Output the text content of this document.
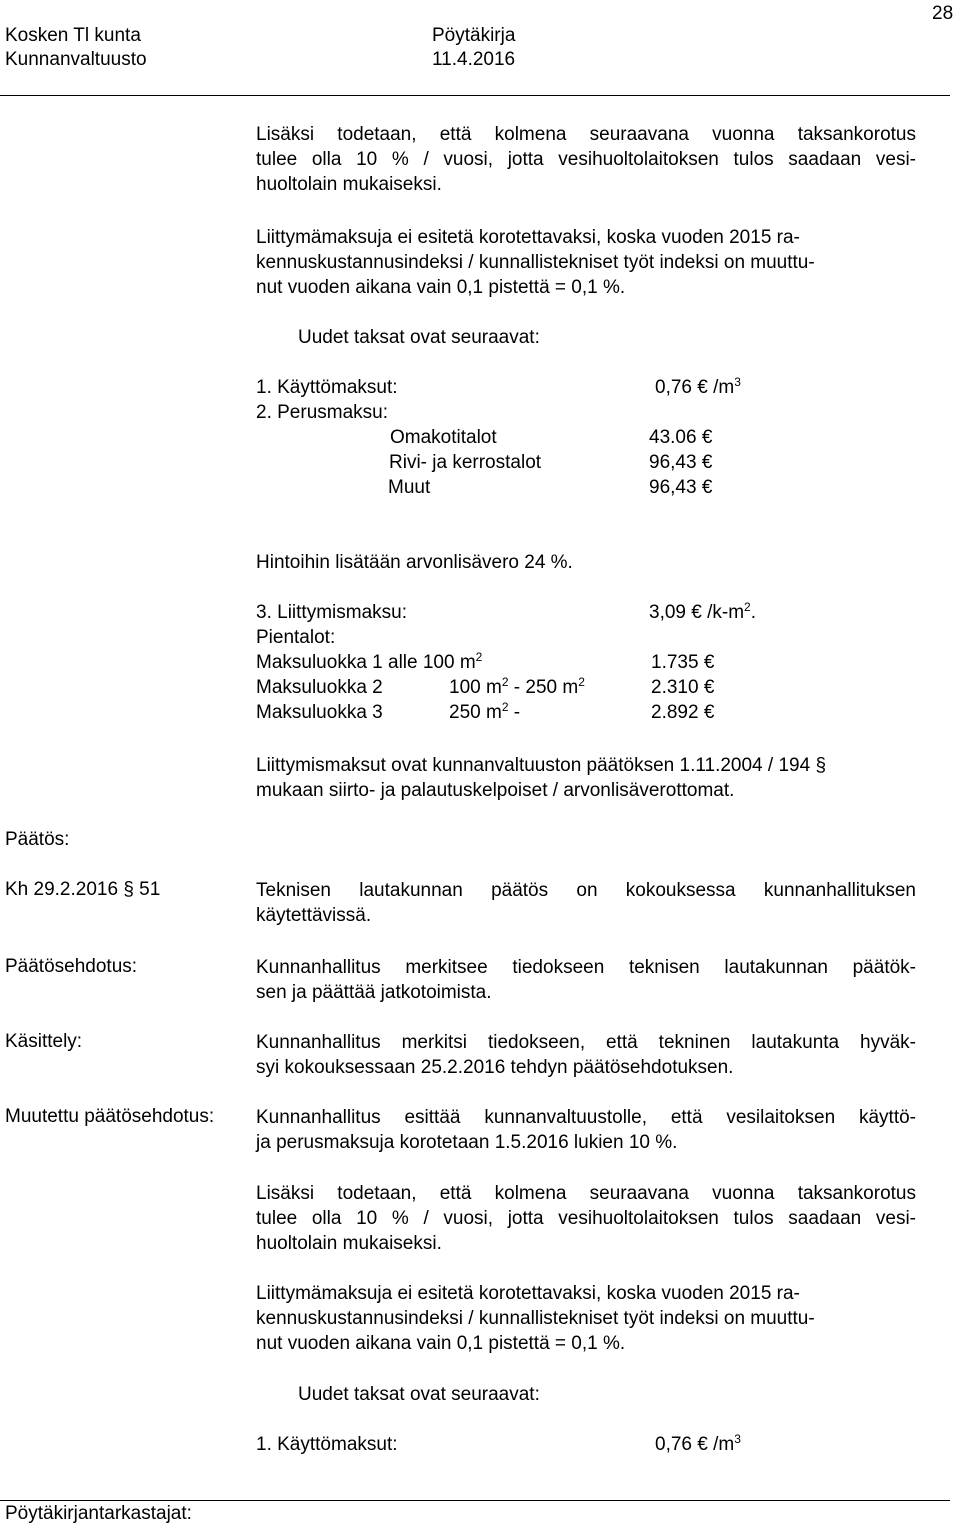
28
Kosken Tl kunta
Kunnanvaltuusto
Pöytäkirja
11.4.2016
Lisäksi todetaan, että kolmena seuraavana vuonna taksankorotus
tulee olla 10 % / vuosi, jotta vesihuoltolaitoksen tulos saadaan vesi-
huoltolain mukaiseksi.
Liittymämaksuja ei esitetä korotettavaksi, koska vuoden 2015 ra-
kennuskustannusindeksi / kunnallistekniset työt indeksi on muuttu-
nut vuoden aikana vain 0,1 pistettä = 0,1 %.
Uudet taksat ovat seuraavat:
1. Käyttömaksut:	0,76 € $/m^3$
2. Perusmaksu:
Omakotitalot	43.06 €
Rivi- ja kerrostalot	96,43 €
Muut	96,43 €
Hintoihin lisätään arvonlisävero 24 %.
3. Liittymismaksu:	3,09 € $/k-m^2$.
Pientalot:
Maksuluokka 1 alle 100 $m^2$	1.735 €
Maksuluokka 2	100 $m^2 - 250$ $m^2$	2.310 €
Maksuluokka 3	250 $m^2$ -	2.892 €
Liittymismaksut ovat kunnanvaltuuston päätöksen 1.11.2004 / 194 §
mukaan siirto- ja palautuskelpoiset / arvonlisäverottomat.
Päätös:
Kh 29.2.2016 § 51	Teknisen lautakunnan päätös on kokouksessa kunnanhallituksen
käytettävissä.
Päätösehdotus:	Kunnanhallitus merkitsee tiedokseen teknisen lautakunnan päätök-
sen ja päättää jatkotoimista.
Käsittely:	Kunnanhallitus merkitsi tiedokseen, että tekninen lautakunta hyväk-
syi kokouksessaan 25.2.2016 tehdyn päätösehdotuksen.
Muutettu päätösehdotus: Kunnanhallitus esittää kunnanvaltuustolle, että vesilaitoksen käyttö-
ja perusmaksuja korotetaan 1.5.2016 lukien 10 %.
Lisäksi todetaan, että kolmena seuraavana vuonna taksankorotus
tulee olla 10 % / vuosi, jotta vesihuoltolaitoksen tulos saadaan vesi-
huoltolain mukaiseksi.
Liittymämaksuja ei esitetä korotettavaksi, koska vuoden 2015 ra-
kennuskustannusindeksi / kunnallistekniset työt indeksi on muuttu-
nut vuoden aikana vain 0,1 pistettä = 0,1 %.
Uudet taksat ovat seuraavat:
1. Käyttömaksut:	0,76 € $/m^3$
Pöytäkirjantarkastajat:
